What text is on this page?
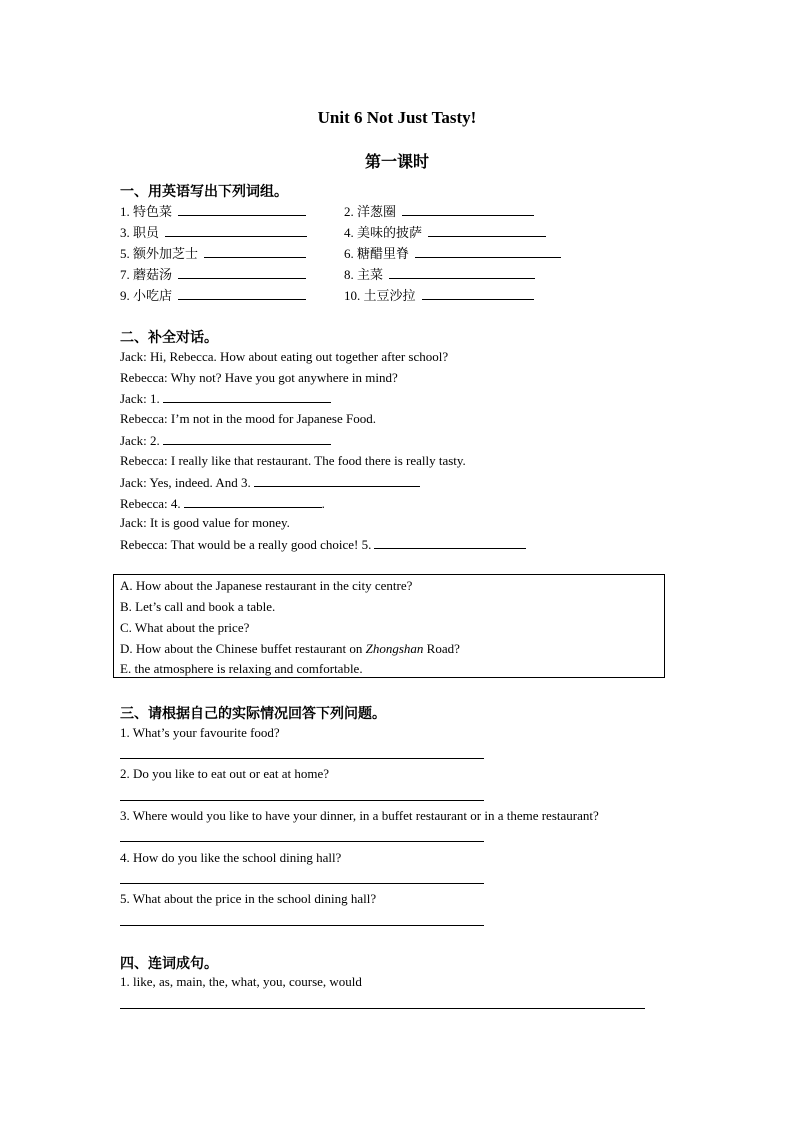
Unit 6 Not Just Tasty!
第一课时
一、用英语写出下列词组。
1. 特色菜	2. 洋葱圈
3. 职员	4. 美味的披萨
5. 额外加芝士	6. 糖醋里脊
7. 蘑菇汤	8. 主菜
9. 小吃店	10. 土豆沙拉
二、补全对话。
Jack: Hi, Rebecca. How about eating out together after school?
Rebecca: Why not? Have you got anywhere in mind?
Jack: 1.
Rebecca: I’m not in the mood for Japanese Food.
Jack: 2.
Rebecca: I really like that restaurant. The food there is really tasty.
Jack: Yes, indeed. And 3.
Rebecca: 4.	.
Jack: It is good value for money.
Rebecca: That would be a really good choice! 5.
A. How about the Japanese restaurant in the city centre?
B. Let’s call and book a table.
C. What about the price?
D. How about the Chinese buffet restaurant on Zhongshan Road?
E. the atmosphere is relaxing and comfortable.
三、请根据自己的实际情况回答下列问题。
1. What’s your favourite food?
2. Do you like to eat out or eat at home?
3. Where would you like to have your dinner, in a buffet restaurant or in a theme restaurant?
4. How do you like the school dining hall?
5. What about the price in the school dining hall?
四、连词成句。
1. like, as, main, the, what, you, course, would
